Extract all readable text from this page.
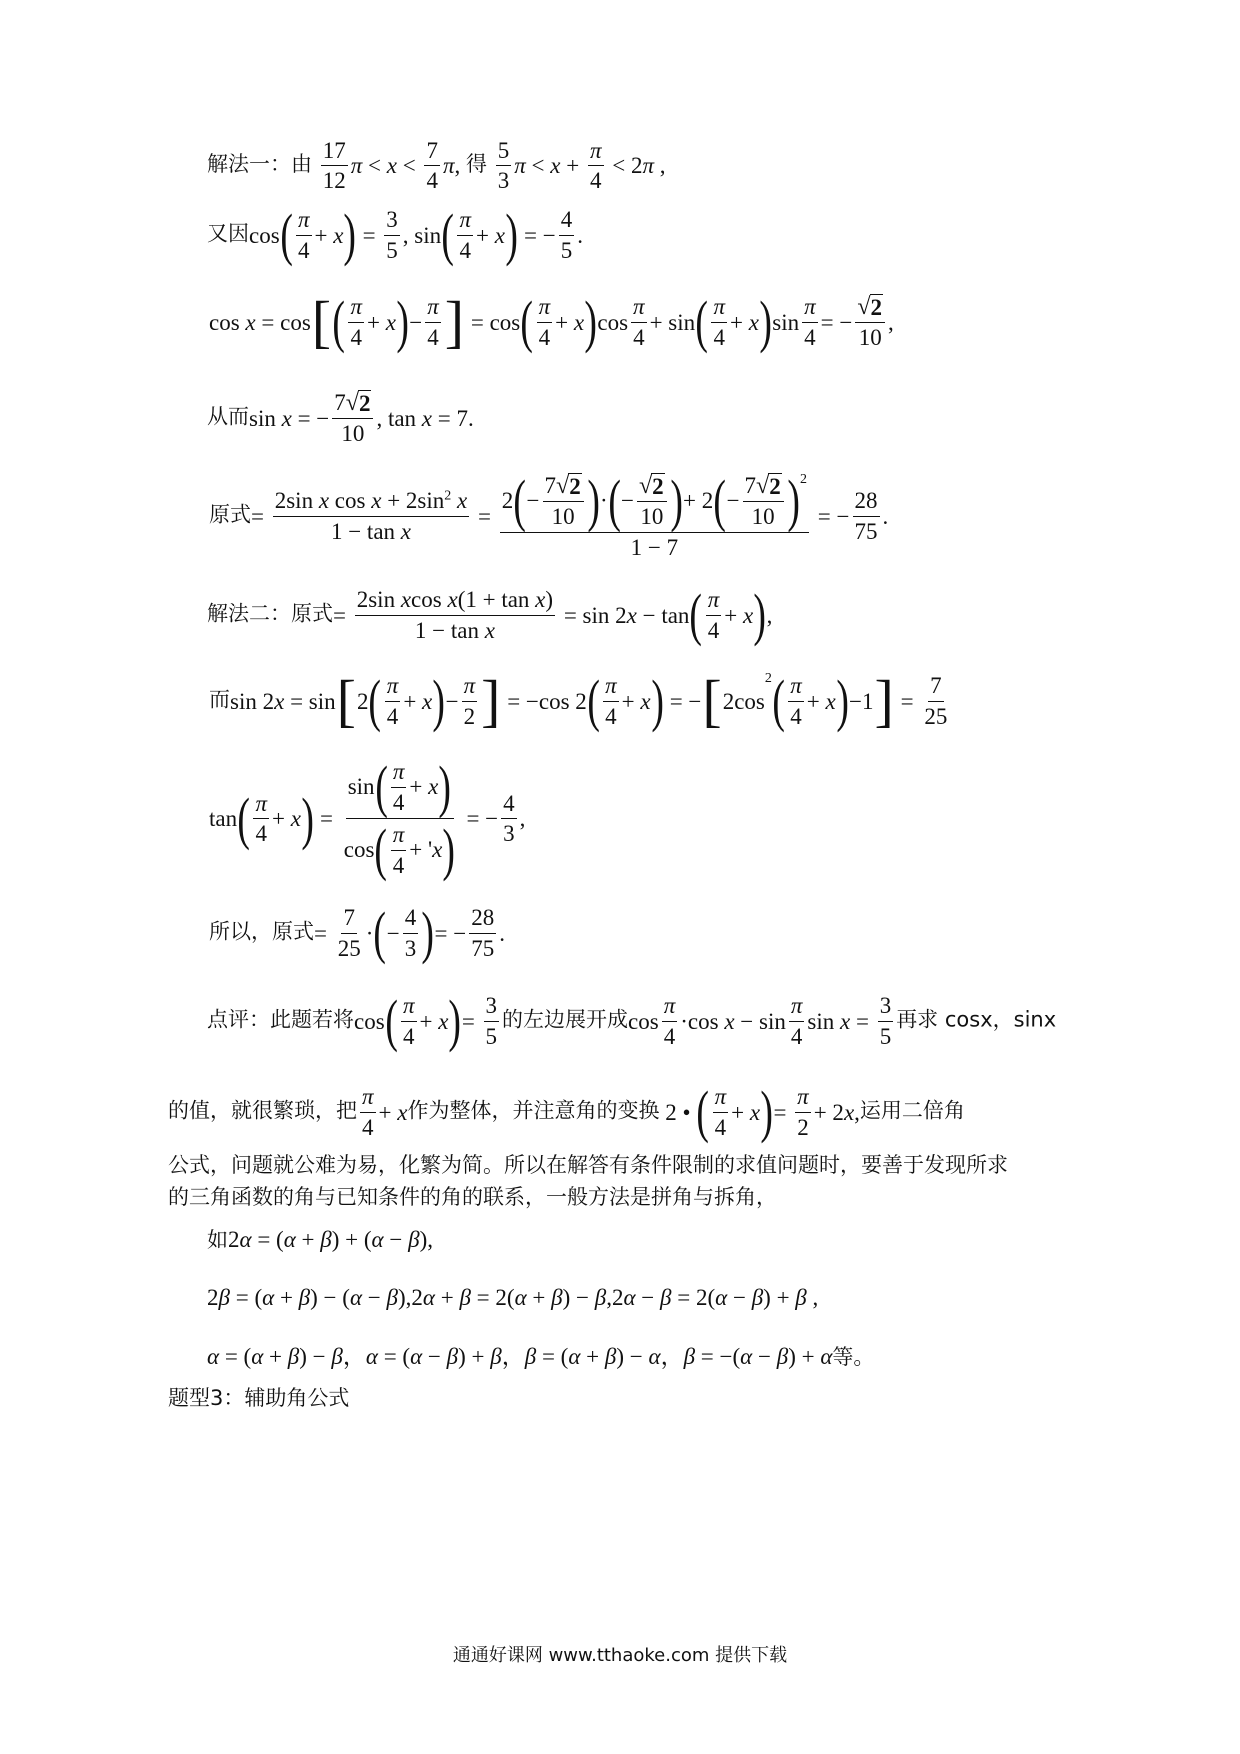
解法一：由 $\frac{17}{12}$ $\pi < x < \frac{7}{4}$ π , 得 $\frac{5}{3}$ $\pi < x + \frac{\pi}{4} < 2$ π ,
又因cos ( $\frac{\pi}{4} + x$ ) = $\frac{3}{5}$ , sin ( $\frac{\pi}{4} + x$ ) = − $\frac{4}{5}$ .
cos x = cos [ ( $\frac{\pi}{4} + x$ ) − $\frac{\pi}{4}$ ] = cos ( $\frac{\pi}{4} + x$ ) $\cos \frac{\pi}{4} + \sin$ ( $\frac{\pi}{4} + x$ ) $\sin \frac{\pi}{4}$ = − $\frac{√ 2}{10}$ ,
从而sin x = − $\frac{7 √ 2}{10}$ , tan x = 7.
原式= $\frac{2\sin x \cos x + 2\sin^2 x}{\text{1 − tan x}} = \frac{2 ( - \frac{7 √ 2}{10} ) \cdot ( - \frac{√ 2}{10} ) + 2 ( - \frac{7 √ 2}{10} )^2}{1 - 7}$ = − $\frac{28}{75}$ .
解法二：原式= $\frac{\text{2sin xcos x(1 + tan x)}}{\text{1 − tan x}} = \sin 2$ x − tan ( $\frac{\pi}{4} + x$ ) ,
而sin 2 x = sin [ 2 ( $\frac{\pi}{4} + x$ ) − $\frac{\pi}{2}$ ] = −cos 2 ( $\frac{\pi}{4} + x$ ) = − [ 2cos
$^2$ ( $\frac{\pi}{4} + x$ ) −1 ] = $\frac{7}{25}$
tan ( $\frac{\pi}{4} + x$ ) = $\frac{\sin ( \frac{\pi}{4} + x )}{\cos ( \frac{\pi}{4} + ' x )}$ = − $\frac{4}{3}$ ,
所以，原式= $\frac{7}{25}$ · ( − $\frac{4}{3}$ ) = − $\frac{28}{75}$ .
点评：此题若将cos ( $\frac{\pi}{4} + x$ ) = $\frac{3}{5}$ 的左边展开成$\cos \frac{\pi}{4} \cdot\cos$ $x - \sin \frac{\pi}{4}$ $\sin x = \frac{3}{5}$ 再求 cosx，sinx
的值，就很繁琐，把 $\frac{\pi}{4} + x$ 作为整体，并注意角的变换 2 • ( $\frac{\pi}{4} + x$ ) = $\frac{\pi}{2} + 2$ x ,运用二倍角
公式，问题就公难为易，化繁为简。所以在解答有条件限制的求值问题时，要善于发现所求
的三角函数的角与已知条件的角的联系，一般方法是拼角与拆角，
如2α = (α + β) + (α − β),
2β = (α + β) − (α − β),2α + β = 2(α + β) − β,2α − β = 2(α − β) + β ,
α = (α + β) − β，α = (α − β) + β，β = (α + β) − α，β = −(α − β) + α等。
题型3：辅助角公式
通通好课网 www.tthaoke.com 提供下载
